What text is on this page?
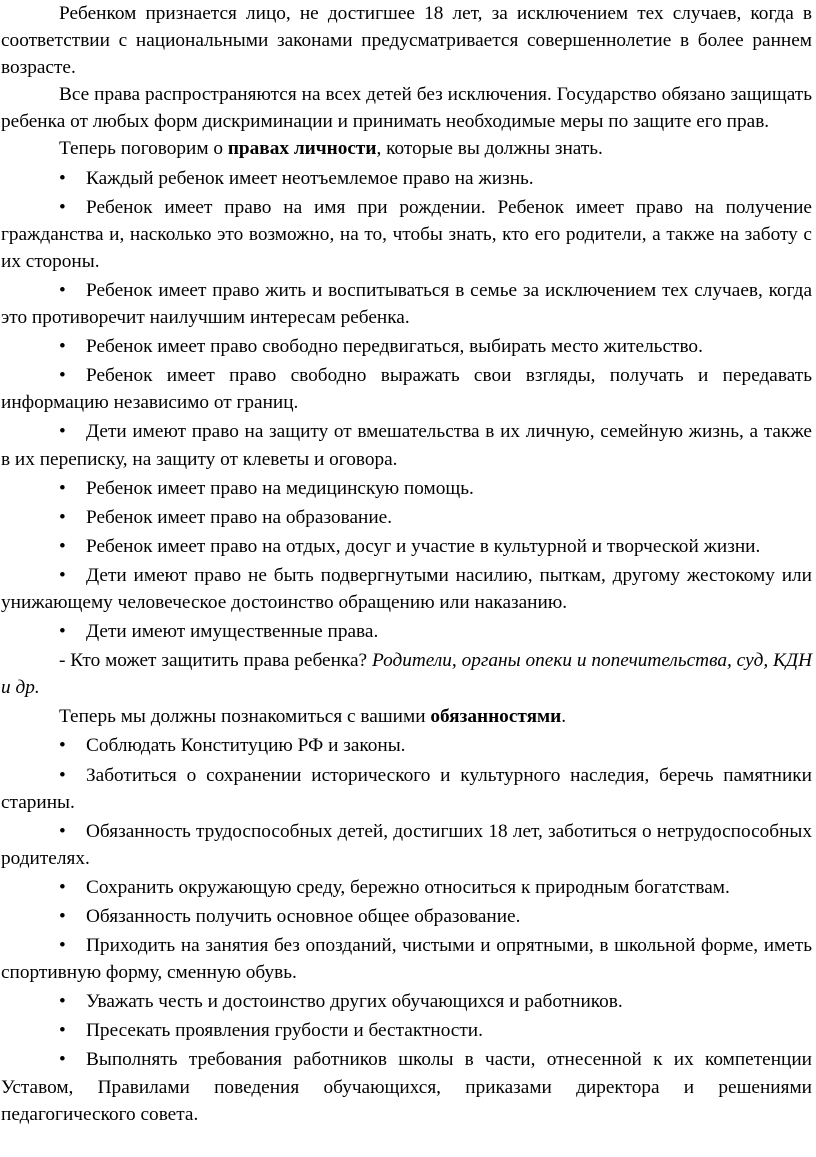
Ребенком признается лицо, не достигшее 18 лет, за исключением тех случаев, когда в соответствии с национальными законами предусматривается совершеннолетие в более раннем возрасте.

Все права распространяются на всех детей без исключения. Государство обязано защищать ребенка от любых форм дискриминации и принимать необходимые меры по защите его прав.

Теперь поговорим о правах личности, которые вы должны знать.

• Каждый ребенок имеет неотъемлемое право на жизнь.

• Ребенок имеет право на имя при рождении. Ребенок имеет право на получение гражданства и, насколько это возможно, на то, чтобы знать, кто его родители, а также на заботу с их стороны.

• Ребенок имеет право жить и воспитываться в семье за исключением тех случаев, когда это противоречит наилучшим интересам ребенка.

• Ребенок имеет право свободно передвигаться, выбирать место жительство.

• Ребенок имеет право свободно выражать свои взгляды, получать и передавать информацию независимо от границ.

• Дети имеют право на защиту от вмешательства в их личную, семейную жизнь, а также в их переписку, на защиту от клеветы и оговора.

• Ребенок имеет право на медицинскую помощь.

• Ребенок имеет право на образование.

• Ребенок имеет право на отдых, досуг и участие в культурной и творческой жизни.

• Дети имеют право не быть подвергнутыми насилию, пыткам, другому жестокому или унижающему человеческое достоинство обращению или наказанию.

• Дети имеют имущественные права.

- Кто может защитить права ребенка? Родители, органы опеки и попечительства, суд, КДН и др.

Теперь мы должны познакомиться с вашими обязанностями.

• Соблюдать Конституцию РФ и законы.

• Заботиться о сохранении исторического и культурного наследия, беречь памятники старины.

• Обязанность трудоспособных детей, достигших 18 лет, заботиться о нетрудоспособных родителях.

• Сохранить окружающую среду, бережно относиться к природным богатствам.

• Обязанность получить основное общее образование.

• Приходить на занятия без опозданий, чистыми и опрятными, в школьной форме, иметь спортивную форму, сменную обувь.

• Уважать честь и достоинство других обучающихся и работников.

• Пресекать проявления грубости и бестактности.

• Выполнять требования работников школы в части, отнесенной к их компетенции Уставом, Правилами поведения обучающихся, приказами директора и решениями педагогического совета.
